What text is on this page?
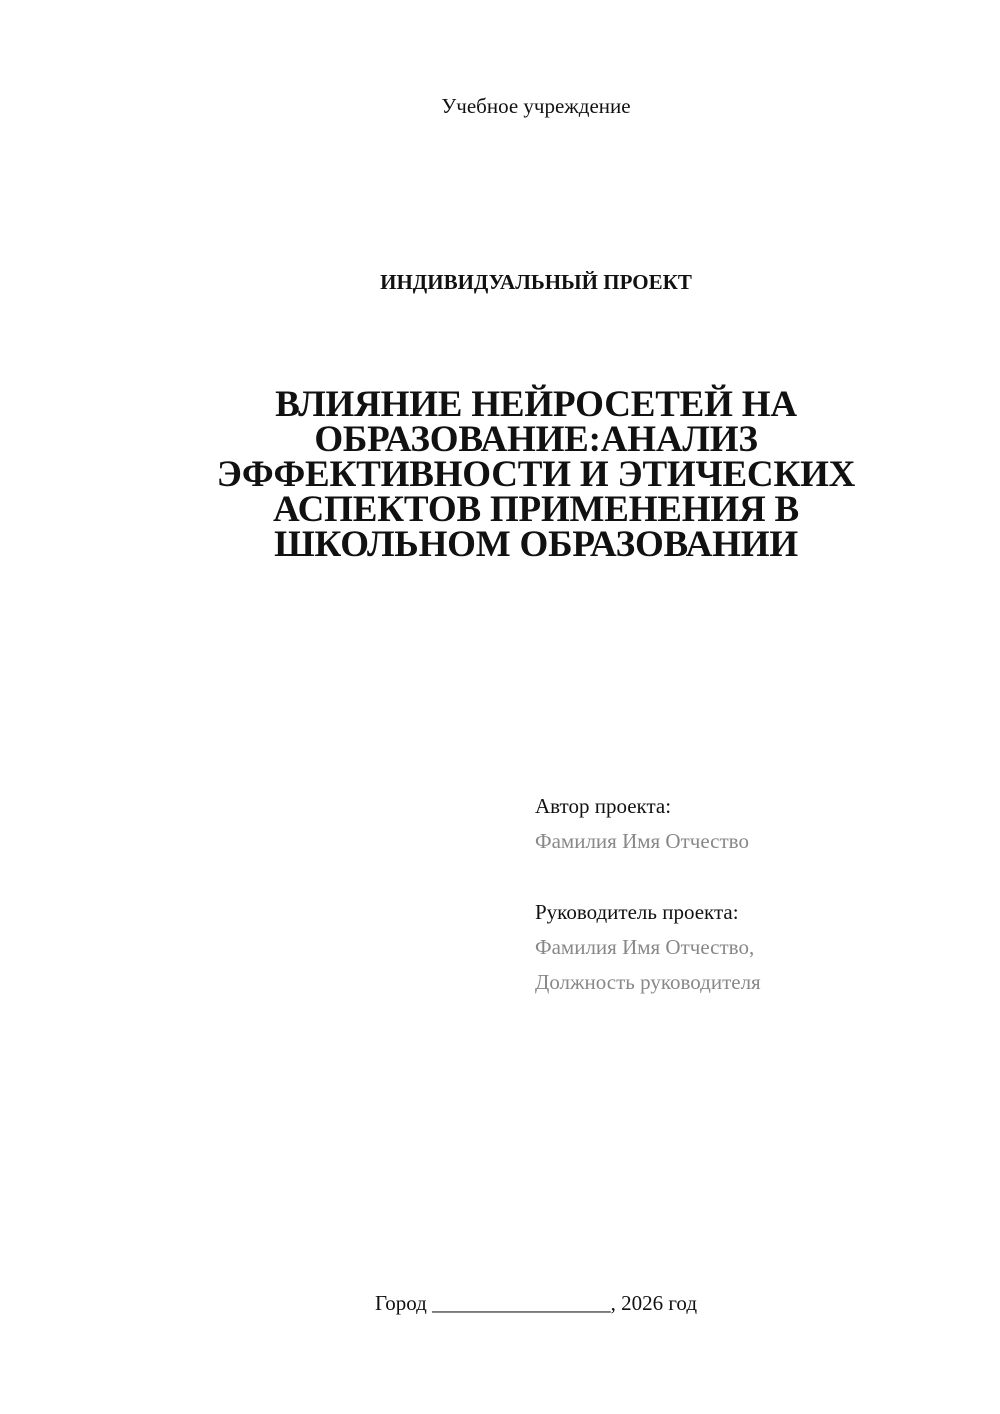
Учебное учреждение
ИНДИВИДУАЛЬНЫЙ ПРОЕКТ
ВЛИЯНИЕ НЕЙРОСЕТЕЙ НА
ОБРАЗОВАНИЕ:АНАЛИЗ
ЭФФЕКТИВНОСТИ И ЭТИЧЕСКИХ
АСПЕКТОВ ПРИМЕНЕНИЯ В
ШКОЛЬНОМ ОБРАЗОВАНИИ
Автор проекта:
Фамилия Имя Отчество
Руководитель проекта:
Фамилия Имя Отчество,
Должность руководителя
Город _________________, 2026 год
